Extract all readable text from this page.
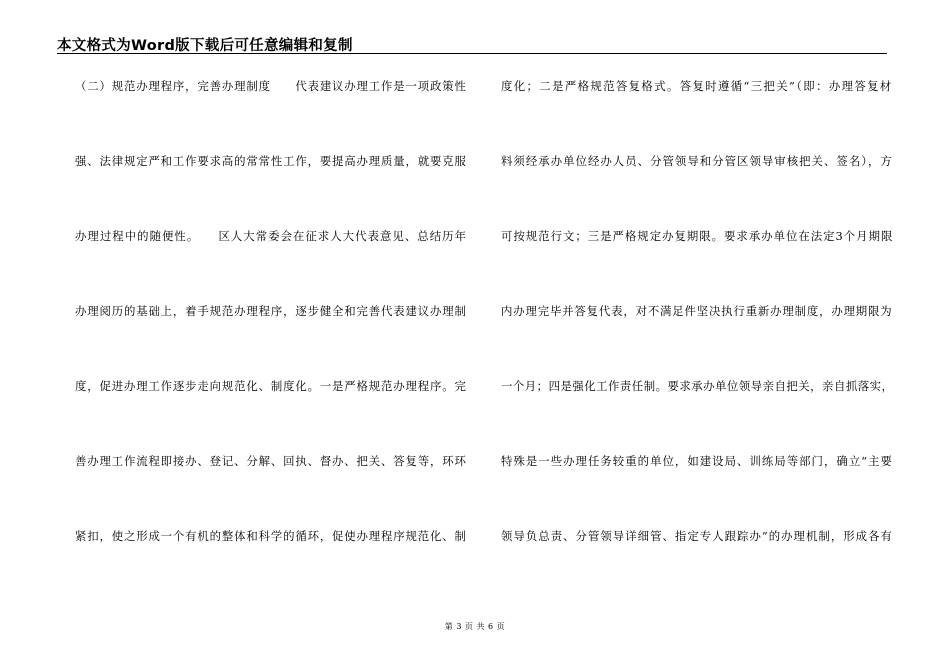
本文格式为Word版下载后可任意编辑和复制
（二）规范办理程序，完善办理制度　　代表建议办理工作是一项政策性
强、法律规定严和工作要求高的常常性工作，要提高办理质量，就要克服
办理过程中的随便性。　　区人大常委会在征求人大代表意见、总结历年
办理阅历的基础上，着手规范办理程序，逐步健全和完善代表建议办理制
度，促进办理工作逐步走向规范化、制度化。一是严格规范办理程序。完
善办理工作流程即接办、登记、分解、回执、督办、把关、答复等，环环
紧扣，使之形成一个有机的整体和科学的循环，促使办理程序规范化、制
度化；二是严格规范答复格式。答复时遵循“三把关”（即：办理答复材
料须经承办单位经办人员、分管领导和分管区领导审核把关、签名），方
可按规范行文；三是严格规定办复期限。要求承办单位在法定3个月期限
内办理完毕并答复代表，对不满足件坚决执行重新办理制度，办理期限为
一个月；四是强化工作责任制。要求承办单位领导亲自把关，亲自抓落实，
特殊是一些办理任务较重的单位，如建设局、训练局等部门，确立“主要
领导负总责、分管领导详细管、指定专人跟踪办”的办理机制，形成各有
第 3 页 共 6 页
